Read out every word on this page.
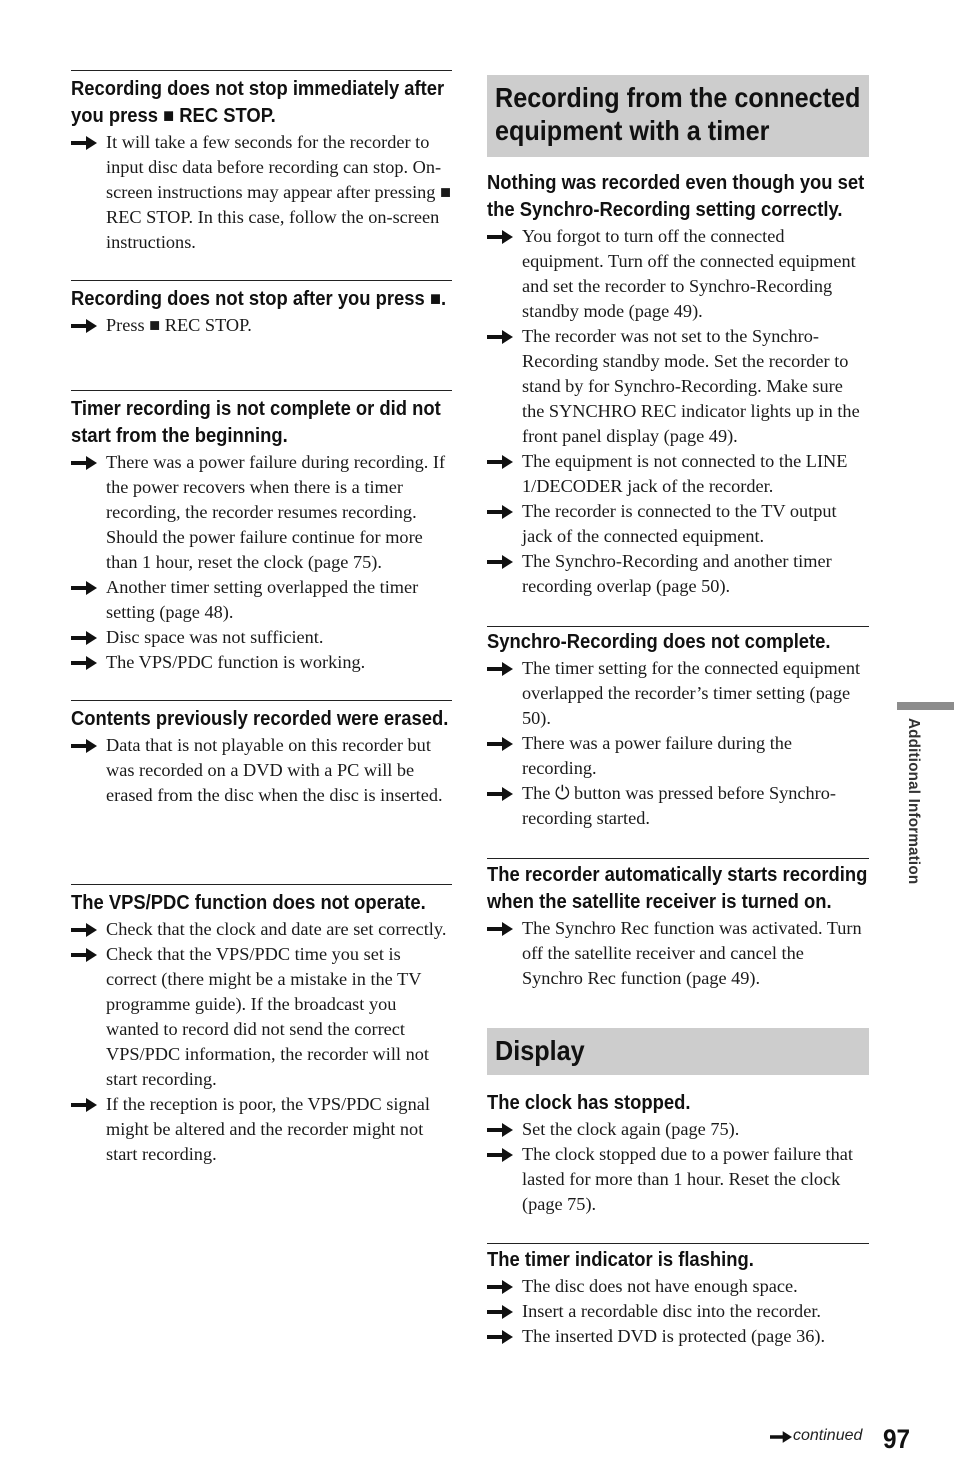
Recording does not stop immediately after you press ■ REC STOP.
It will take a few seconds for the recorder to input disc data before recording can stop. On-screen instructions may appear after pressing ■ REC STOP. In this case, follow the on-screen instructions.
Recording does not stop after you press ■.
Press ■ REC STOP.
Timer recording is not complete or did not start from the beginning.
There was a power failure during recording. If the power recovers when there is a timer recording, the recorder resumes recording. Should the power failure continue for more than 1 hour, reset the clock (page 75).
Another timer setting overlapped the timer setting (page 48).
Disc space was not sufficient.
The VPS/PDC function is working.
Contents previously recorded were erased.
Data that is not playable on this recorder but was recorded on a DVD with a PC will be erased from the disc when the disc is inserted.
The VPS/PDC function does not operate.
Check that the clock and date are set correctly.
Check that the VPS/PDC time you set is correct (there might be a mistake in the TV programme guide). If the broadcast you wanted to record did not send the correct VPS/PDC information, the recorder will not start recording.
If the reception is poor, the VPS/PDC signal might be altered and the recorder might not start recording.
Recording from the connected equipment with a timer
Nothing was recorded even though you set the Synchro-Recording setting correctly.
You forgot to turn off the connected equipment. Turn off the connected equipment and set the recorder to Synchro-Recording standby mode (page 49).
The recorder was not set to the Synchro-Recording standby mode. Set the recorder to stand by for Synchro-Recording. Make sure the SYNCHRO REC indicator lights up in the front panel display (page 49).
The equipment is not connected to the LINE 1/DECODER jack of the recorder.
The recorder is connected to the TV output jack of the connected equipment.
The Synchro-Recording and another timer recording overlap (page 50).
Synchro-Recording does not complete.
The timer setting for the connected equipment overlapped the recorder’s timer setting (page 50).
There was a power failure during the recording.
The ⏻ button was pressed before Synchro-recording started.
The recorder automatically starts recording when the satellite receiver is turned on.
The Synchro Rec function was activated. Turn off the satellite receiver and cancel the Synchro Rec function (page 49).
Display
The clock has stopped.
Set the clock again (page 75).
The clock stopped due to a power failure that lasted for more than 1 hour. Reset the clock (page 75).
The timer indicator is flashing.
The disc does not have enough space.
Insert a recordable disc into the recorder.
The inserted DVD is protected (page 36).
Additional Information
continued 97
